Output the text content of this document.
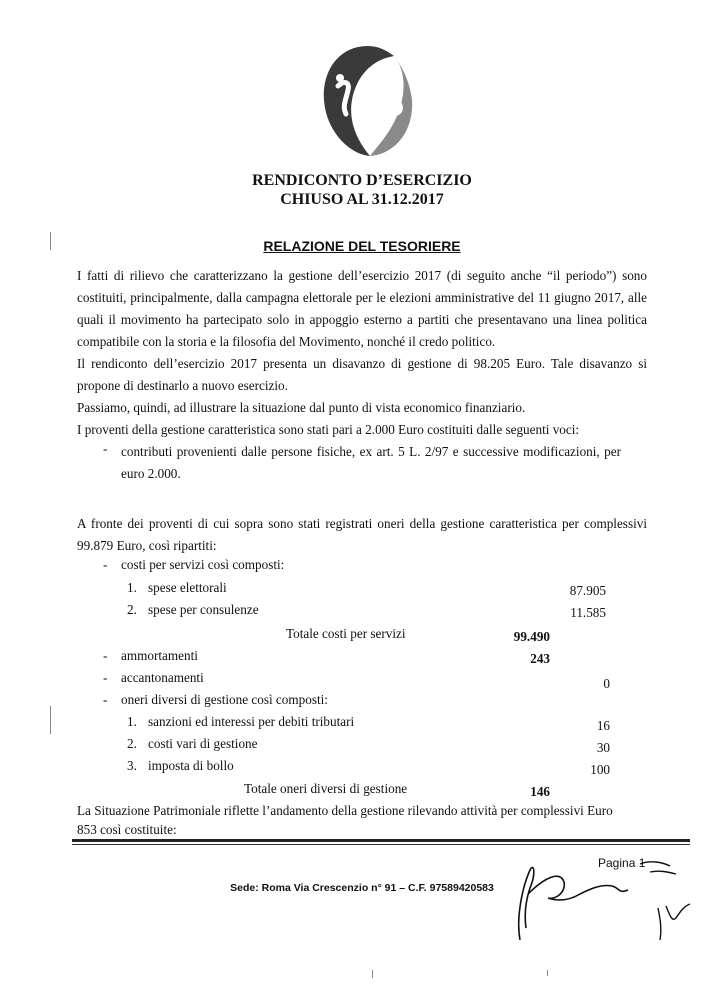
noi
SUD
RENDICONTO D’ESERCIZIO
CHIUSO AL 31.12.2017
RELAZIONE DEL TESORIERE
I fatti di rilievo che caratterizzano la gestione dell’esercizio 2017 (di seguito anche “il periodo”) sono costituiti, principalmente, dalla campagna elettorale per le elezioni amministrative del 11 giugno 2017, alle quali il movimento ha partecipato solo in appoggio esterno a partiti che presentavano una linea politica compatibile con la storia e la filosofia del Movimento, nonché il credo politico.
Il rendiconto dell’esercizio 2017 presenta un disavanzo di gestione di 98.205 Euro. Tale disavanzo si propone di destinarlo a nuovo esercizio.
Passiamo, quindi, ad illustrare la situazione dal punto di vista economico finanziario.
I proventi della gestione caratteristica sono stati pari a 2.000 Euro costituiti dalle seguenti voci:
- contributi provenienti dalle persone fisiche, ex art. 5 L. 2/97 e successive modificazioni, per euro 2.000.
A fronte dei proventi di cui sopra sono stati registrati oneri della gestione caratteristica per complessivi 99.879 Euro, così ripartiti:
- costi per servizi così composti:
1. spese elettorali	87.905
2. spese per consulenze	11.585
Totale costi per servizi	99.490
- ammortamenti	243
- accantonamenti	0
- oneri diversi di gestione così composti:
1. sanzioni ed interessi per debiti tributari	16
2. costi vari di gestione	30
3. imposta di bollo	100
Totale oneri diversi di gestione	146
La Situazione Patrimoniale riflette l’andamento della gestione rilevando attività per complessivi Euro
853 così costituite:
Pagina 1
Sede: Roma Via Crescenzio n° 91 – C.F. 97589420583
